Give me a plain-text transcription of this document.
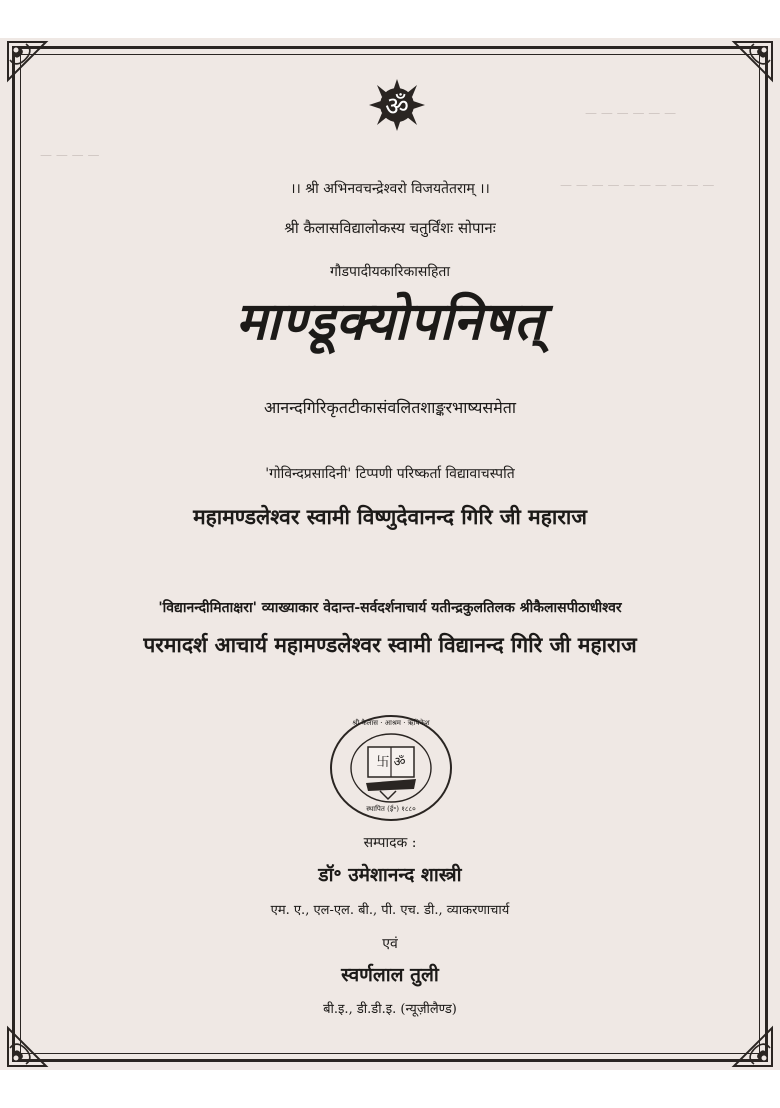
— — — — — —
— — — —
— — — — — — — — — —
ॐ
।। श्री अभिनवचन्द्रेश्वरो विजयतेतराम् ।।
श्री कैलासविद्यालोकस्य चतुर्विंशः सोपानः
गौडपादीयकारिकासहिता
माण्डूक्योपनिषत्
आनन्दगिरिकृतटीकासंवलितशाङ्करभाष्यसमेता
'गोविन्दप्रसादिनी' टिप्पणी परिष्कर्ता विद्यावाचस्पति
महामण्डलेश्वर स्वामी विष्णुदेवानन्द गिरि जी महाराज
'विद्यानन्दीमिताक्षरा' व्याख्याकार वेदान्त-सर्वदर्शनाचार्य यतीन्द्रकुलतिलक श्रीकैलासपीठाधीश्वर
परमादर्श आचार्य महामण्डलेश्वर स्वामी विद्यानन्द गिरि जी महाराज
卐 ॐ
श्री कैलास · आश्रम · ऋषिकेश
स्थापित (ई॰) १८८०
सम्पादक :
डॉ॰ उमेशानन्द शास्त्री
एम. ए., एल-एल. बी., पी. एच. डी., व्याकरणाचार्य
एवं
स्वर्णलाल तुली
बी.इ., डी.डी.इ. (न्यूज़ीलैण्ड)
